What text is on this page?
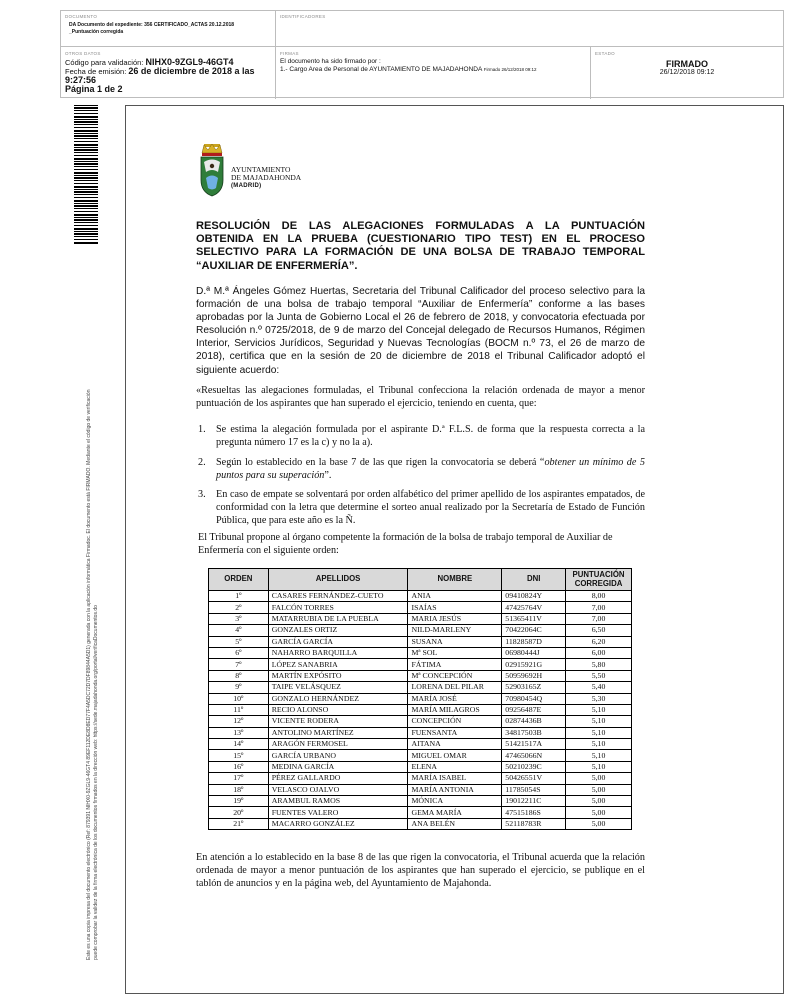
DOCUMENTO
DA Documento del expediente: 356 CERTIFICADO_ACTAS 20.12.2018
_Puntuación corregida
IDENTIFICADORES
OTROS DATOS
Código para validación: NIHX0-9ZGL9-46GT4
Fecha de emisión: 26 de diciembre de 2018 a las 9:27:56
Página 1 de 2
FIRMAS
El documento ha sido firmado por :
1.- Cargo Area de Personal de AYUNTAMIENTO DE MAJADAHONDA Firmado 26/12/2018 09:12
ESTADO
FIRMADO
26/12/2018 09:12
Este es una copia impresa del documento electrónico (Ref: 879391 NIHX0-9ZGL9-46GT4 89EF112DE8D8ED77F4A5DC72D7DF89844A5D1) generada con la aplicación informática Firmadoc. El documento está FIRMADO. Mediante el código de verificación puede comprobar la validez de la firma electrónica de los documentos firmados en la dirección web: https://sede.majadahonda.org/portal/verificaDocumentos.do
AYUNTAMIENTO
DE MAJADAHONDA
(MADRID)
RESOLUCIÓN DE LAS ALEGACIONES FORMULADAS A LA PUNTUACIÓN OBTENIDA EN LA PRUEBA (CUESTIONARIO TIPO TEST) EN EL PROCESO SELECTIVO PARA LA FORMACIÓN DE UNA BOLSA DE TRABAJO TEMPORAL “AUXILIAR DE ENFERMERÍA”.
D.ª M.ª Ángeles Gómez Huertas, Secretaria del Tribunal Calificador del proceso selectivo para la formación de una bolsa de trabajo temporal “Auxiliar de Enfermería” conforme a las bases aprobadas por la Junta de Gobierno Local el 26 de febrero de 2018, y convocatoria efectuada por Resolución n.º 0725/2018, de 9 de marzo del Concejal delegado de Recursos Humanos, Régimen Interior, Servicios Jurídicos, Seguridad y Nuevas Tecnologías (BOCM n.º 73, el 26 de marzo de 2018), certifica que en la sesión de 20 de diciembre de 2018 el Tribunal Calificador adoptó el siguiente acuerdo:
«Resueltas las alegaciones formuladas, el Tribunal confecciona la relación ordenada de mayor a menor puntuación de los aspirantes que han superado el ejercicio, teniendo en cuenta, que:
1. Se estima la alegación formulada por el aspirante D.ª F.L.S. de forma que la respuesta correcta a la pregunta número 17 es la c) y no la a).
2. Según lo establecido en la base 7 de las que rigen la convocatoria se deberá “obtener un mínimo de 5 puntos para su superación”.
3. En caso de empate se solventará por orden alfabético del primer apellido de los aspirantes empatados, de conformidad con la letra que determine el sorteo anual realizado por la Secretaría de Estado de Función Pública, que para este año es la Ñ.
El Tribunal propone al órgano competente la formación de la bolsa de trabajo temporal de Auxiliar de Enfermería con el siguiente orden:
ORDEN	APELLIDOS	NOMBRE	DNI	PUNTUACIÓN CORREGIDA
1º	CASARES FERNÁNDEZ-CUETO	ANIA	09410824Y	8,00
2º	FALCÓN TORRES	ISAÍAS	47425764V	7,00
3º	MATARRUBIA DE LA PUEBLA	MARIA JESÚS	51365411V	7,00
4º	GONZALES ORTIZ	NILD-MARLENY	70422064C	6,50
5º	GARCÍA GARCÍA	SUSANA	11828587D	6,20
6º	NAHARRO BARQUILLA	Mª SOL	06980444J	6,00
7º	LÓPEZ SANABRIA	FÁTIMA	02915921G	5,80
8º	MARTÍN EXPÓSITO	Mª CONCEPCIÓN	50959692H	5,50
9º	TAIPE VELÁSQUEZ	LORENA DEL PILAR	52903165Z	5,40
10º	GONZALO HERNÁNDEZ	MARÍA JOSÉ	70980454Q	5,30
11º	RECIO ALONSO	MARÍA MILAGROS	09256487E	5,10
12º	VICENTE RODERA	CONCEPCIÓN	02874436B	5,10
13º	ANTOLINO MARTÍNEZ	FUENSANTA	34817503B	5,10
14º	ARAGÓN FERMOSEL	AITANA	51421517A	5,10
15º	GARCÍA URBANO	MIGUEL OMAR	47465066N	5,10
16º	MEDINA GARCÍA	ELENA	50210239C	5,10
17º	PÉREZ GALLARDO	MARÍA ISABEL	50426551V	5,00
18º	VELASCO OJALVO	MARÍA ANTONIA	11785054S	5,00
19º	ARAMBUL RAMOS	MÓNICA	19012211C	5,00
20º	FUENTES VALERO	GEMA MARÍA	47515186S	5,00
21º	MACARRO GONZÁLEZ	ANA BELÉN	52118783R	5,00
En atención a lo establecido en la base 8 de las que rigen la convocatoria, el Tribunal acuerda que la relación ordenada de mayor a menor puntuación de los aspirantes que han superado el ejercicio, se publique en el tablón de anuncios y en la página web, del Ayuntamiento de Majahonda.
